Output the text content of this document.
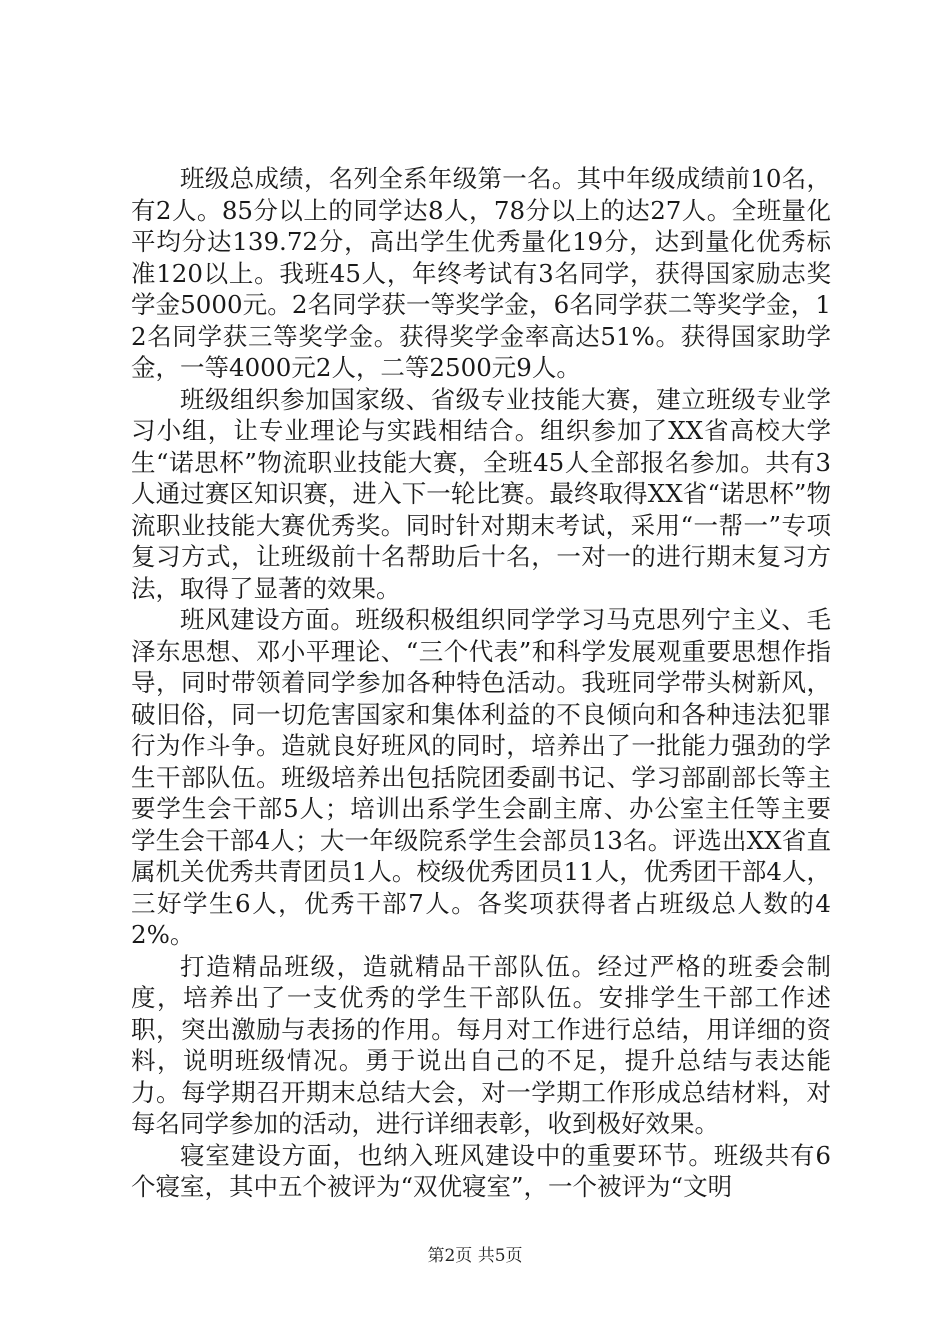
班级总成绩，名列全系年级第一名。其中年级成绩前10名，有2人。85分以上的同学达8人，78分以上的达27人。全班量化平均分达139.72分，高出学生优秀量化19分，达到量化优秀标准120以上。我班45人，年终考试有3名同学，获得国家励志奖学金5000元。2名同学获一等奖学金，6名同学获二等奖学金，12名同学获三等奖学金。获得奖学金率高达51%。获得国家助学金，一等4000元2人，二等2500元9人。

班级组织参加国家级、省级专业技能大赛，建立班级专业学习小组，让专业理论与实践相结合。组织参加了XX省高校大学生“诺思杯”物流职业技能大赛，全班45人全部报名参加。共有3人通过赛区知识赛，进入下一轮比赛。最终取得XX省“诺思杯”物流职业技能大赛优秀奖。同时针对期末考试，采用“一帮一”专项复习方式，让班级前十名帮助后十名，一对一的进行期末复习方法，取得了显著的效果。

班风建设方面。班级积极组织同学学习马克思列宁主义、毛泽东思想、邓小平理论、“三个代表”和科学发展观重要思想作指导，同时带领着同学参加各种特色活动。我班同学带头树新风，破旧俗，同一切危害国家和集体利益的不良倾向和各种违法犯罪行为作斗争。造就良好班风的同时，培养出了一批能力强劲的学生干部队伍。班级培养出包括院团委副书记、学习部副部长等主要学生会干部5人；培训出系学生会副主席、办公室主任等主要学生会干部4人；大一年级院系学生会部员13名。评选出XX省直属机关优秀共青团员1人。校级优秀团员11人，优秀团干部4人，三好学生6人，优秀干部7人。各奖项获得者占班级总人数的42%。

打造精品班级，造就精品干部队伍。经过严格的班委会制度，培养出了一支优秀的学生干部队伍。安排学生干部工作述职，突出激励与表扬的作用。每月对工作进行总结，用详细的资料，说明班级情况。勇于说出自己的不足，提升总结与表达能力。每学期召开期末总结大会，对一学期工作形成总结材料，对每名同学参加的活动，进行详细表彰，收到极好效果。

寝室建设方面，也纳入班风建设中的重要环节。班级共有6个寝室，其中五个被评为“双优寝室”，一个被评为“文明

第2页 共5页
